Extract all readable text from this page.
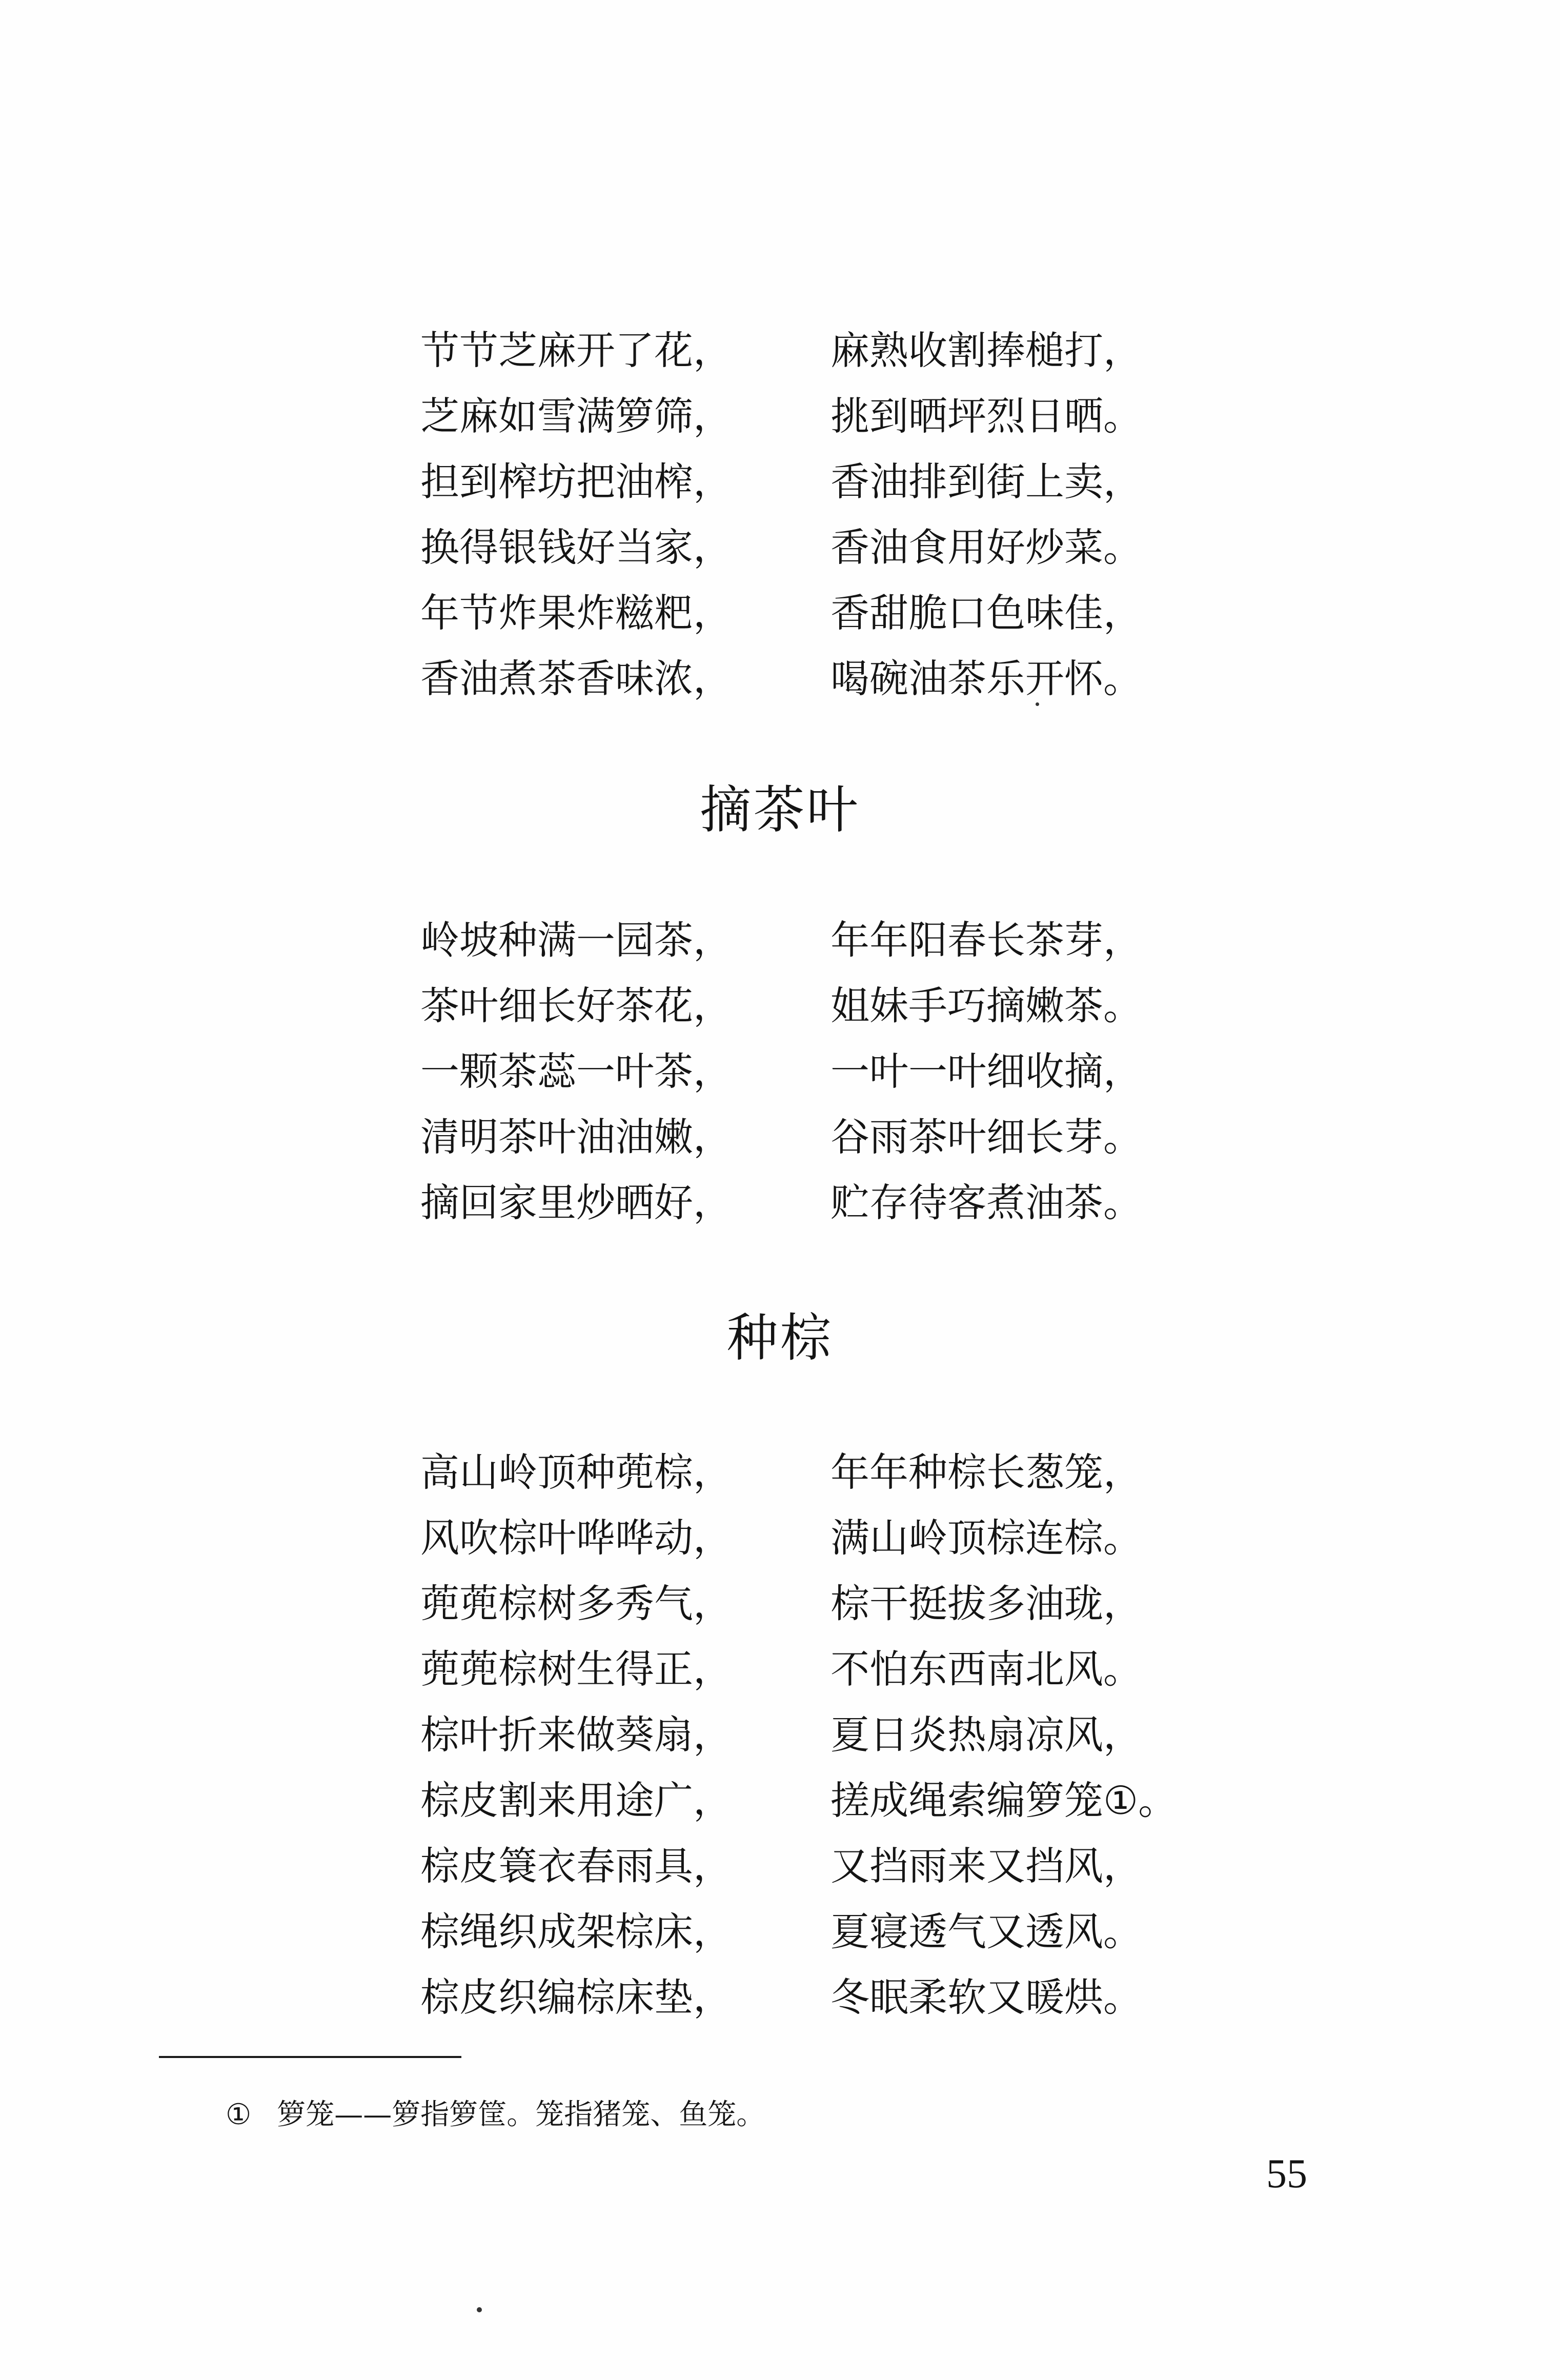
节节芝麻开了花，	麻熟收割捧槌打，
芝麻如雪满箩筛，	挑到晒坪烈日晒。
担到榨坊把油榨，	香油排到街上卖，
换得银钱好当家，	香油食用好炒菜。
年节炸果炸糍粑，	香甜脆口色味佳，
香油煮茶香味浓，	喝碗油茶乐开怀。
摘茶叶
岭坡种满一园茶，	年年阳春长茶芽，
茶叶细长好茶花，	姐妹手巧摘嫩茶。
一颗茶蕊一叶茶，	一叶一叶细收摘，
清明茶叶油油嫩，	谷雨茶叶细长芽。
摘回家里炒晒好，	贮存待客煮油茶。
种棕
高山岭顶种蔸棕，	年年种棕长葱笼，
风吹棕叶哗哗动，	满山岭顶棕连棕。
蔸蔸棕树多秀气，	棕干挺拔多油珑，
蔸蔸棕树生得正，	不怕东西南北风。
棕叶折来做葵扇，	夏日炎热扇凉风，
棕皮割来用途广，	搓成绳索编箩笼①。
棕皮簑衣春雨具，	又挡雨来又挡风，
棕绳织成架棕床，	夏寝透气又透风。
棕皮织编棕床垫，	冬眠柔软又暖烘。
① 箩笼——箩指箩筐。笼指猪笼、鱼笼。
55
